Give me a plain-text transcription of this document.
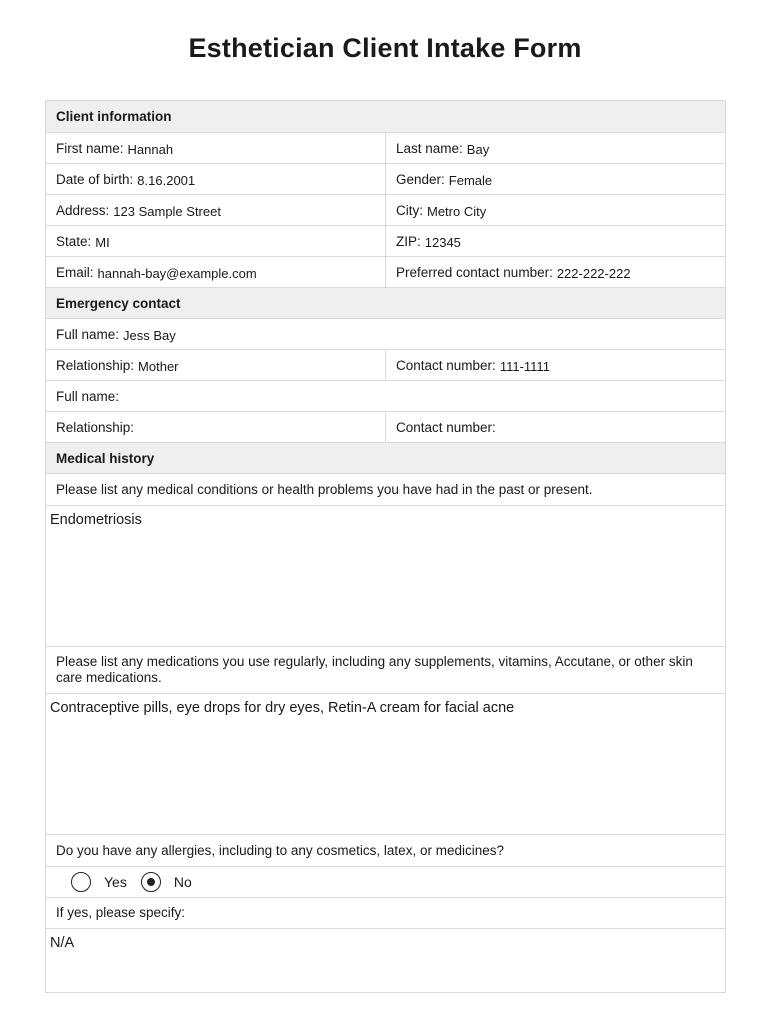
Esthetician Client Intake Form
Client information
First name: Hannah	Last name: Bay
Date of birth: 8.16.2001	Gender: Female
Address: 123 Sample Street	City: Metro City
State: MI	ZIP: 12345
Email: hannah-bay@example.com	Preferred contact number: 222-222-222
Emergency contact
Full name: Jess Bay
Relationship: Mother	Contact number: 111-1111
Full name:
Relationship:	Contact number:
Medical history
Please list any medical conditions or health problems you have had in the past or present.
Endometriosis
Please list any medications you use regularly, including any supplements, vitamins, Accutane, or other skin care medications.
Contraceptive pills, eye drops for dry eyes, Retin-A cream for facial acne
Do you have any allergies, including to any cosmetics, latex, or medicines?
Yes	No
If yes, please specify:
N/A
